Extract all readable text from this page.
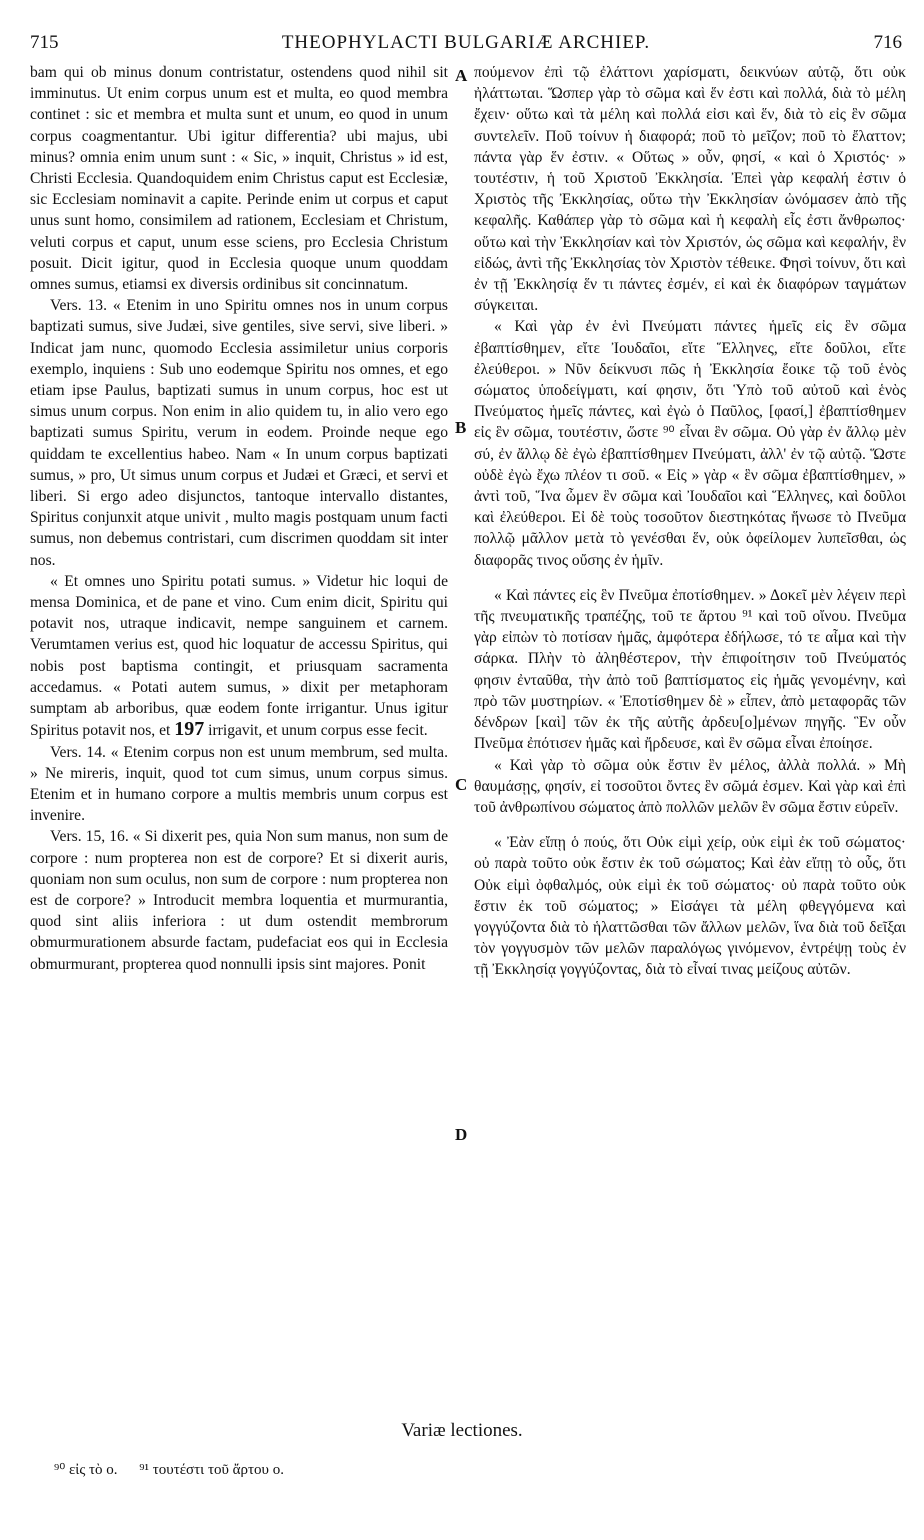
715	THEOPHYLACTI BULGARIÆ ARCHIEP.	716

bam qui ob minus donum contristatur, ostendens quod nihil sit imminutus. Ut enim corpus unum est et multa, eo quod membra continet : sic et membra et multa sunt et unum, eo quod in unum corpus coagmentantur. Ubi igitur differentia? ubi majus, ubi minus? omnia enim unum sunt : « Sic, » inquit, Christus » id est, Christi Ecclesia. Quandoquidem enim Christus caput est Ecclesiæ, sic Ecclesiam nominavit a capite. Perinde enim ut corpus et caput unus sunt homo, consimilem ad rationem, Ecclesiam et Christum, veluti corpus et caput, unum esse sciens, pro Ecclesia Christum posuit. Dicit igitur, quod in Ecclesia quoque unum quoddam omnes sumus, etiamsi ex diversis ordinibus sit concinnatum.

Vers. 13. « Etenim in uno Spiritu omnes nos in unum corpus baptizati sumus, sive Judæi, sive gentiles, sive servi, sive liberi. » Indicat jam nunc, quomodo Ecclesia assimiletur unius corporis exemplo, inquiens : Sub uno eodemque Spiritu nos omnes, et ego etiam ipse Paulus, baptizati sumus in unum corpus, hoc est ut simus unum corpus. Non enim in alio quidem tu, in alio vero ego baptizati sumus Spiritu, verum in eodem. Proinde neque ego quiddam te excellentius habeo. Nam « In unum corpus baptizati sumus, » pro, Ut simus unum corpus et Judæi et Græci, et servi et liberi. Si ergo adeo disjunctos, tantoque intervallo distantes, Spiritus conjunxit atque univit , multo magis postquam unum facti sumus, non debemus contristari, cum discrimen quoddam sit inter nos.

« Et omnes uno Spiritu potati sumus. » Videtur hic loqui de mensa Dominica, et de pane et vino. Cum enim dicit, Spiritu qui potavit nos, utraque indicavit, nempe sanguinem et carnem. Verumtamen verius est, quod hic loquatur de accessu Spiritus, qui nobis post baptisma contingit, et priusquam sacramenta accedamus. « Potati autem sumus, » dixit per metaphoram sumptam ab arboribus, quæ eodem fonte irrigantur. Unus igitur Spiritus potavit nos, et 197 irrigavit, et unum corpus esse fecit.

Vers. 14. « Etenim corpus non est unum membrum, sed multa. » Ne mireris, inquit, quod tot cum simus, unum corpus simus. Etenim et in humano corpore a multis membris unum corpus est invenire.

Vers. 15, 16. « Si dixerit pes, quia Non sum manus, non sum de corpore : num propterea non est de corpore? Et si dixerit auris, quoniam non sum oculus, non sum de corpore : num propterea non est de corpore? » Introducit membra loquentia et murmurantia, quod sint aliis inferiora : ut dum ostendit membrorum obmurmurationem absurde factam, pudefaciat eos qui in Ecclesia obmurmurant, propterea quod nonnulli ipsis sint majores. Ponit

A
B
C
D

πούμενον ἐπὶ τῷ ἐλάττονι χαρίσματι, δεικνύων αὐτῷ, ὅτι οὐκ ἠλάττωται. Ὥσπερ γὰρ τὸ σῶμα καὶ ἕν ἐστι καὶ πολλά, διὰ τὸ μέλη ἔχειν· οὕτω καὶ τὰ μέλη καὶ πολλά εἰσι καὶ ἕν, διὰ τὸ εἰς ἓν σῶμα συντελεῖν. Ποῦ τοίνυν ἡ διαφορά; ποῦ τὸ μεῖζον; ποῦ τὸ ἔλαττον; πάντα γὰρ ἕν ἐστιν. « Οὕτως » οὖν, φησί, « καὶ ὁ Χριστός· » τουτέστιν, ἡ τοῦ Χριστοῦ Ἐκκλησία. Ἐπεὶ γὰρ κεφαλή ἐστιν ὁ Χριστὸς τῆς Ἐκκλησίας, οὕτω τὴν Ἐκκλησίαν ὠνόμασεν ἀπὸ τῆς κεφαλῆς. Καθάπερ γὰρ τὸ σῶμα καὶ ἡ κεφαλὴ εἷς ἐστι ἄνθρωπος· οὕτω καὶ τὴν Ἐκκλησίαν καὶ τὸν Χριστόν, ὡς σῶμα καὶ κεφαλήν, ἓν εἰδώς, ἀντὶ τῆς Ἐκκλησίας τὸν Χριστὸν τέθεικε. Φησὶ τοίνυν, ὅτι καὶ ἐν τῇ Ἐκκλησίᾳ ἕν τι πάντες ἐσμέν, εἰ καὶ ἐκ διαφόρων ταγμάτων σύγκειται.

« Καὶ γὰρ ἐν ἑνὶ Πνεύματι πάντες ἡμεῖς εἰς ἓν σῶμα ἐβαπτίσθημεν, εἴτε Ἰουδαῖοι, εἴτε Ἕλληνες, εἴτε δοῦλοι, εἴτε ἐλεύθεροι. » Νῦν δείκνυσι πῶς ἡ Ἐκκλησία ἔοικε τῷ τοῦ ἑνὸς σώματος ὑποδείγματι, καί φησιν, ὅτι Ὑπὸ τοῦ αὐτοῦ καὶ ἑνὸς Πνεύματος ἡμεῖς πάντες, καὶ ἐγὼ ὁ Παῦλος, [φασί,] ἐβαπτίσθημεν εἰς ἓν σῶμα, τουτέστιν, ὥστε ⁹⁰ εἶναι ἓν σῶμα. Οὐ γὰρ ἐν ἄλλῳ μὲν σύ, ἐν ἄλλῳ δὲ ἐγὼ ἐβαπτίσθημεν Πνεύματι, ἀλλ' ἐν τῷ αὐτῷ. Ὥστε οὐδὲ ἐγὼ ἔχω πλέον τι σοῦ. « Εἰς » γὰρ « ἓν σῶμα ἐβαπτίσθημεν, » ἀντὶ τοῦ, Ἵνα ὦμεν ἓν σῶμα καὶ Ἰουδαῖοι καὶ Ἕλληνες, καὶ δοῦλοι καὶ ἐλεύθεροι. Εἰ δὲ τοὺς τοσοῦτον διεστηκότας ἥνωσε τὸ Πνεῦμα πολλῷ μᾶλλον μετὰ τὸ γενέσθαι ἕν, οὐκ ὀφείλομεν λυπεῖσθαι, ὡς διαφορᾶς τινος οὔσης ἐν ἡμῖν.

« Καὶ πάντες εἰς ἓν Πνεῦμα ἐποτίσθημεν. » Δοκεῖ μὲν λέγειν περὶ τῆς πνευματικῆς τραπέζης, τοῦ τε ἄρτου ⁹¹ καὶ τοῦ οἴνου. Πνεῦμα γὰρ εἰπὼν τὸ ποτίσαν ἡμᾶς, ἀμφότερα ἐδήλωσε, τό τε αἷμα καὶ τὴν σάρκα. Πλὴν τὸ ἀληθέστερον, τὴν ἐπιφοίτησιν τοῦ Πνεύματός φησιν ἐνταῦθα, τὴν ἀπὸ τοῦ βαπτίσματος εἰς ἡμᾶς γενομένην, καὶ πρὸ τῶν μυστηρίων. « Ἐποτίσθημεν δὲ » εἶπεν, ἀπὸ μεταφορᾶς τῶν δένδρων [καὶ] τῶν ἐκ τῆς αὐτῆς ἀρδευ[ο]μένων πηγῆς. Ἓν οὖν Πνεῦμα ἐπότισεν ἡμᾶς καὶ ἤρδευσε, καὶ ἓν σῶμα εἶναι ἐποίησε.

« Καὶ γὰρ τὸ σῶμα οὐκ ἔστιν ἓν μέλος, ἀλλὰ πολλά. » Μὴ θαυμάσῃς, φησίν, εἰ τοσοῦτοι ὄντες ἓν σῶμά ἐσμεν. Καὶ γὰρ καὶ ἐπὶ τοῦ ἀνθρωπίνου σώματος ἀπὸ πολλῶν μελῶν ἓν σῶμα ἔστιν εὑρεῖν.

« Ἐὰν εἴπῃ ὁ πούς, ὅτι Οὐκ εἰμὶ χείρ, οὐκ εἰμὶ ἐκ τοῦ σώματος· οὐ παρὰ τοῦτο οὐκ ἔστιν ἐκ τοῦ σώματος; Καὶ ἐὰν εἴπῃ τὸ οὖς, ὅτι Οὐκ εἰμὶ ὀφθαλμός, οὐκ εἰμὶ ἐκ τοῦ σώματος· οὐ παρὰ τοῦτο οὐκ ἔστιν ἐκ τοῦ σώματος; » Εἰσάγει τὰ μέλη φθεγγόμενα καὶ γογγύζοντα διὰ τὸ ἡλαττῶσθαι τῶν ἄλλων μελῶν, ἵνα διὰ τοῦ δεῖξαι τὸν γογγυσμὸν τῶν μελῶν παραλόγως γινόμενον, ἐντρέψῃ τοὺς ἐν τῇ Ἐκκλησίᾳ γογγύζοντας, διὰ τὸ εἶναί τινας μείζους αὐτῶν.

Variæ lectiones.
⁹⁰ εἰς τὸ ο. ⁹¹ τουτέστι τοῦ ἄρτου ο.
